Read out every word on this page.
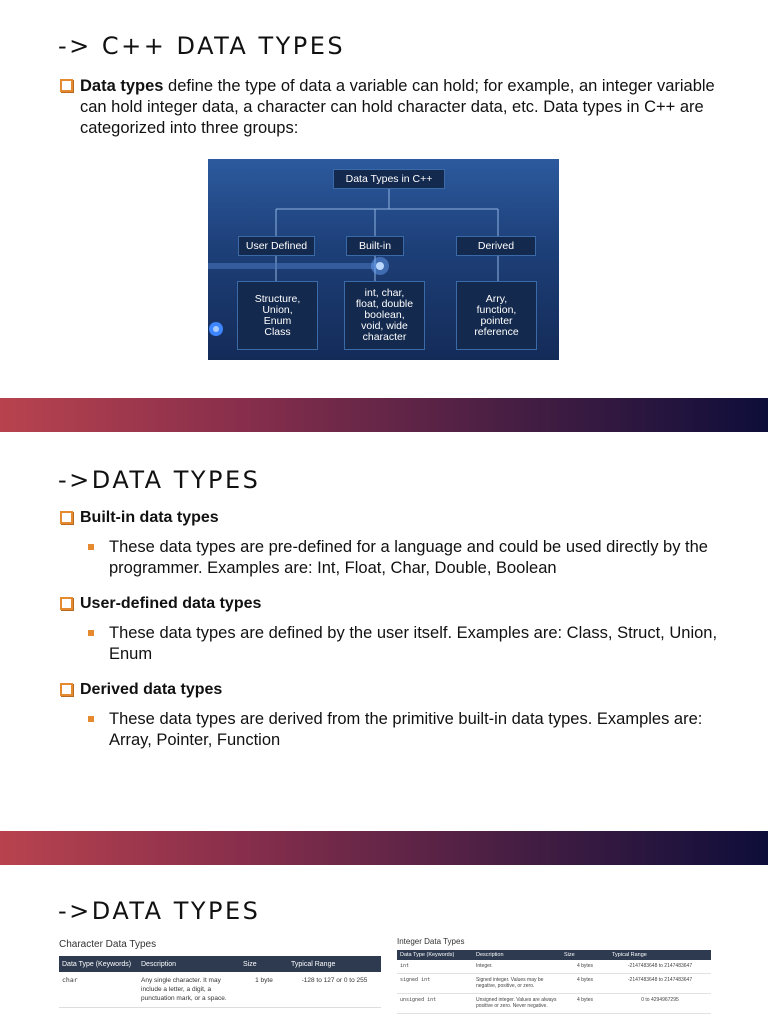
-> C++ DATA TYPES
Data types define the type of data a variable can hold; for example, an integer variable can hold integer data, a character can hold character data, etc. Data types in C++ are categorized into three groups:
Data Types in C++
User Defined	Built-in	Derived
Structure,
Union,
Enum
Class
int, char,
float, double
boolean,
void, wide
character
Arry,
function,
pointer
reference
->DATA TYPES
Built-in data types
These data types are pre-defined for a language and could be used directly by the programmer. Examples are: Int, Float, Char, Double, Boolean
User-defined data types
These data types are defined by the user itself. Examples are: Class, Struct, Union, Enum
Derived data types
These data types are derived from the primitive built-in data types. Examples are: Array, Pointer, Function
->DATA TYPES
Character Data Types
Data Type (Keywords)	Description	Size	Typical Range
char	Any single character. It may include a letter, a digit, a punctuation mark, or a space.	1 byte	-128 to 127 or 0 to 255
Integer Data Types
Data Type (Keywords)	Description	Size	Typical Range
int	Integer.	4 bytes	-2147483648 to 2147483647
signed int	Signed integer. Values may be negative, positive, or zero.	4 bytes	-2147483648 to 2147483647
unsigned int	Unsigned integer. Values are always positive or zero. Never negative.	4 bytes	0 to 4294967295
